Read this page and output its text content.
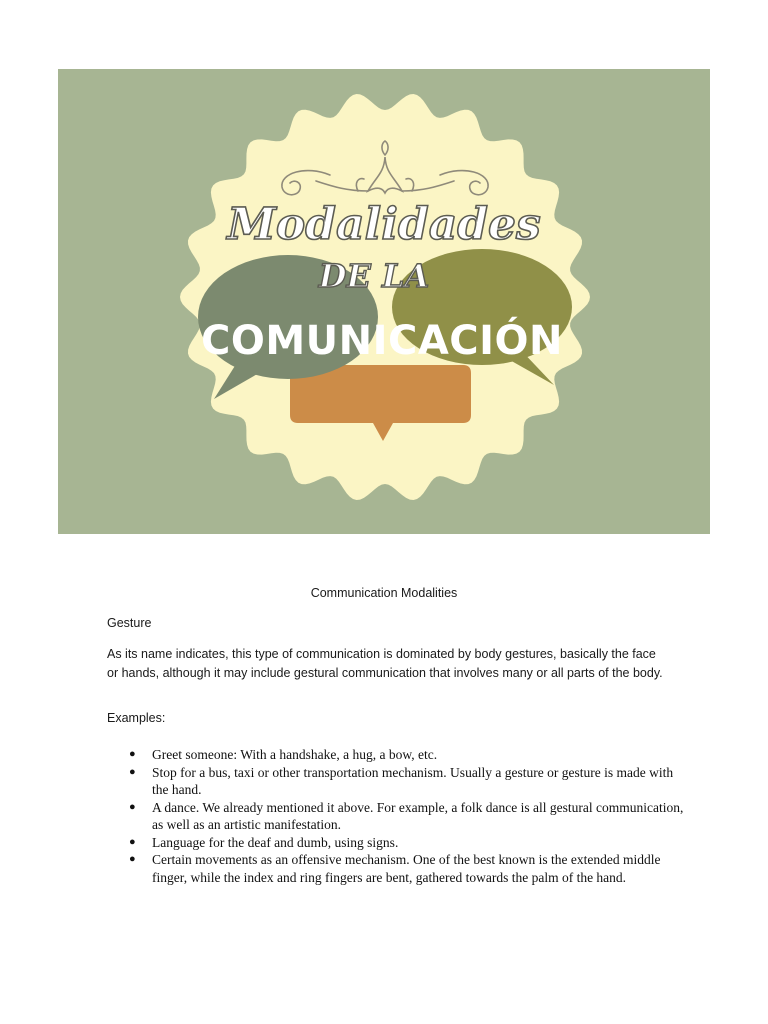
Modalidades
DE LA
COMUNICACIÓN
Communication Modalities
Gesture
As its name indicates, this type of communication is dominated by body gestures, basically the face or hands, although it may include gestural communication that involves many or all parts of the body.
Examples:
● Greet someone: With a handshake, a hug, a bow, etc.
● Stop for a bus, taxi or other transportation mechanism. Usually a gesture or gesture is made with the hand.
● A dance. We already mentioned it above. For example, a folk dance is all gestural communication, as well as an artistic manifestation.
● Language for the deaf and dumb, using signs.
● Certain movements as an offensive mechanism. One of the best known is the extended middle finger, while the index and ring fingers are bent, gathered towards the palm of the hand.
